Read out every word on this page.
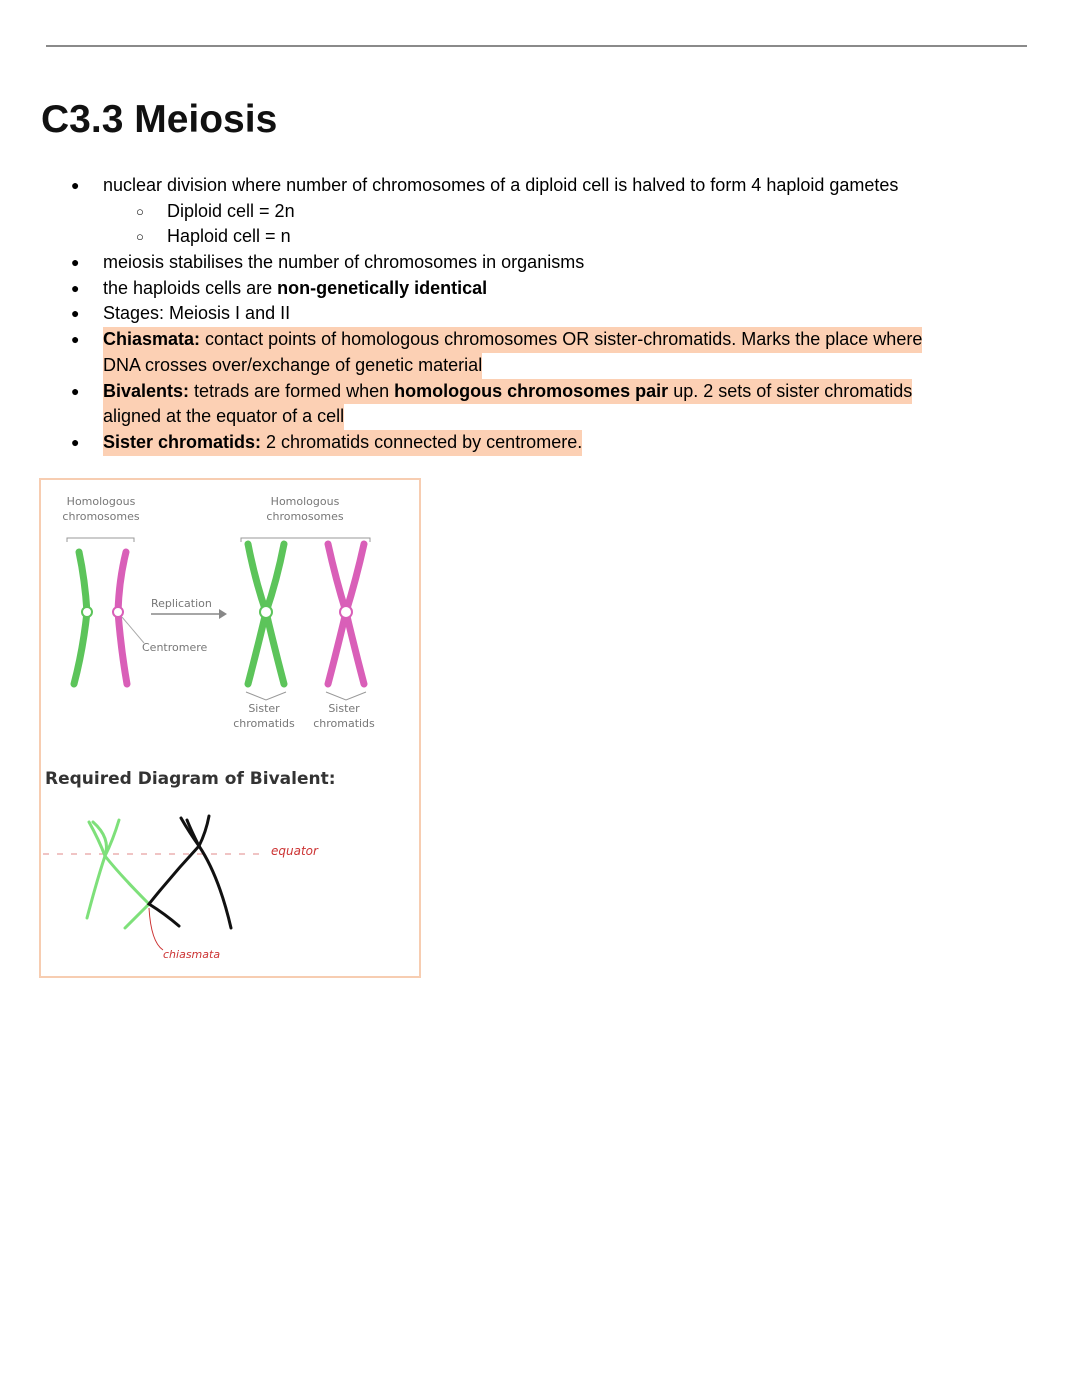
C3.3 Meiosis
● nuclear division where number of chromosomes of a diploid cell is halved to form 4 haploid gametes
○ Diploid cell = 2n
○ Haploid cell = n
● meiosis stabilises the number of chromosomes in organisms
● the haploids cells are non-genetically identical
● Stages: Meiosis I and II
● Chiasmata: contact points of homologous chromosomes OR sister-chromatids. Marks the place where
DNA crosses over/exchange of genetic material
● Bivalents: tetrads are formed when homologous chromosomes pair up. 2 sets of sister chromatids
aligned at the equator of a cell
● Sister chromatids: 2 chromatids connected by centromere.
Homologous
chromosomes
Homologous
chromosomes
Centromere
Replication
Sister
chromatids
Sister
chromatids
Required Diagram of Bivalent:
equator
chiasmata
